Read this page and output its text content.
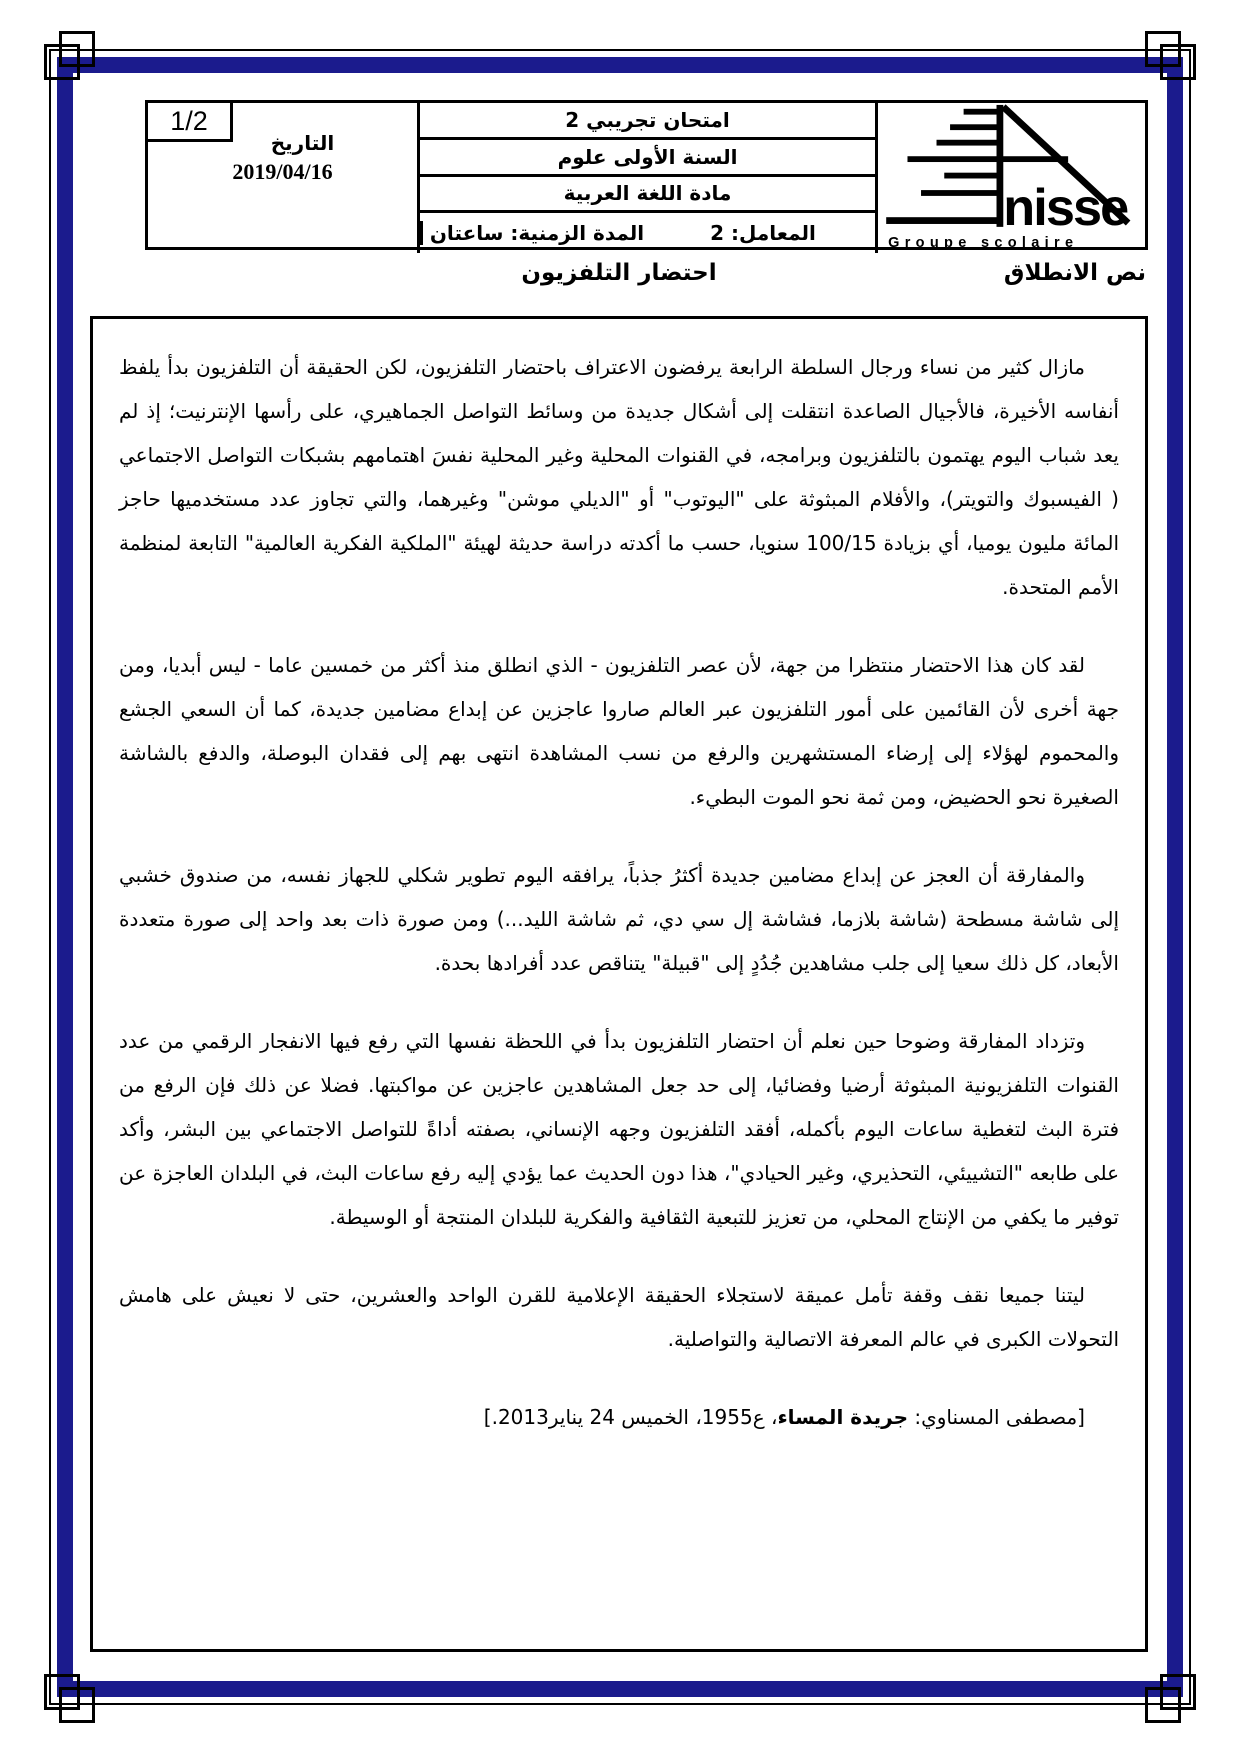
1/2
التاريخ
2019/04/16
امتحان تجريبي 2
السنة الأولى علوم
مادة اللغة العربية
المعامل: 2
المدة الزمنية: ساعتان	nisse
Groupe scolaire
احتضار التلفزيون	نص الانطلاق

مازال كثير من نساء ورجال السلطة الرابعة يرفضون الاعتراف باحتضار التلفزيون، لكن الحقيقة أن التلفزيون بدأ يلفظ أنفاسه الأخيرة، فالأجيال الصاعدة انتقلت إلى أشكال جديدة من وسائط التواصل الجماهيري، على رأسها الإنترنيت؛ إذ لم يعد شباب اليوم يهتمون بالتلفزيون وبرامجه، في القنوات المحلية وغير المحلية نفسَ اهتمامهم بشبكات التواصل الاجتماعي ( الفيسبوك والتويتر)، والأفلام المبثوثة على "اليوتوب" أو "الديلي موشن" وغيرهما، والتي تجاوز عدد مستخدميها حاجز المائة مليون يوميا، أي بزيادة 100/15 سنويا، حسب ما أكدته دراسة حديثة لهيئة "الملكية الفكرية العالمية" التابعة لمنظمة الأمم المتحدة.

لقد كان هذا الاحتضار منتظرا من جهة، لأن عصر التلفزيون - الذي انطلق منذ أكثر من خمسين عاما - ليس أبديا، ومن جهة أخرى لأن القائمين على أمور التلفزيون عبر العالم صاروا عاجزين عن إبداع مضامين جديدة، كما أن السعي الجشع والمحموم لهؤلاء إلى إرضاء المستشهرين والرفع من نسب المشاهدة انتهى بهم إلى فقدان البوصلة، والدفع بالشاشة الصغيرة نحو الحضيض، ومن ثمة نحو الموت البطيء.

والمفارقة أن العجز عن إبداع مضامين جديدة أكثرُ جذباً، يرافقه اليوم تطوير شكلي للجهاز نفسه، من صندوق خشبي إلى شاشة مسطحة (شاشة بلازما، فشاشة إل سي دي، ثم شاشة الليد...) ومن صورة ذات بعد واحد إلى صورة متعددة الأبعاد، كل ذلك سعيا إلى جلب مشاهدين جُدُدٍ إلى "قبيلة" يتناقص عدد أفرادها بحدة.

وتزداد المفارقة وضوحا حين نعلم أن احتضار التلفزيون بدأ في اللحظة نفسها التي رفع فيها الانفجار الرقمي من عدد القنوات التلفزيونية المبثوثة أرضيا وفضائيا، إلى حد جعل المشاهدين عاجزين عن مواكبتها. فضلا عن ذلك فإن الرفع من فترة البث لتغطية ساعات اليوم بأكمله، أفقد التلفزيون وجهه الإنساني، بصفته أداةً للتواصل الاجتماعي بين البشر، وأكد على طابعه "التشييئي، التحذيري، وغير الحيادي"، هذا دون الحديث عما يؤدي إليه رفع ساعات البث، في البلدان العاجزة عن توفير ما يكفي من الإنتاج المحلي، من تعزيز للتبعية الثقافية والفكرية للبلدان المنتجة أو الوسيطة.

ليتنا جميعا نقف وقفة تأمل عميقة لاستجلاء الحقيقة الإعلامية للقرن الواحد والعشرين، حتى لا نعيش على هامش التحولات الكبرى في عالم المعرفة الاتصالية والتواصلية.

[مصطفى المسناوي: جريدة المساء، ع1955، الخميس 24 يناير2013.]
